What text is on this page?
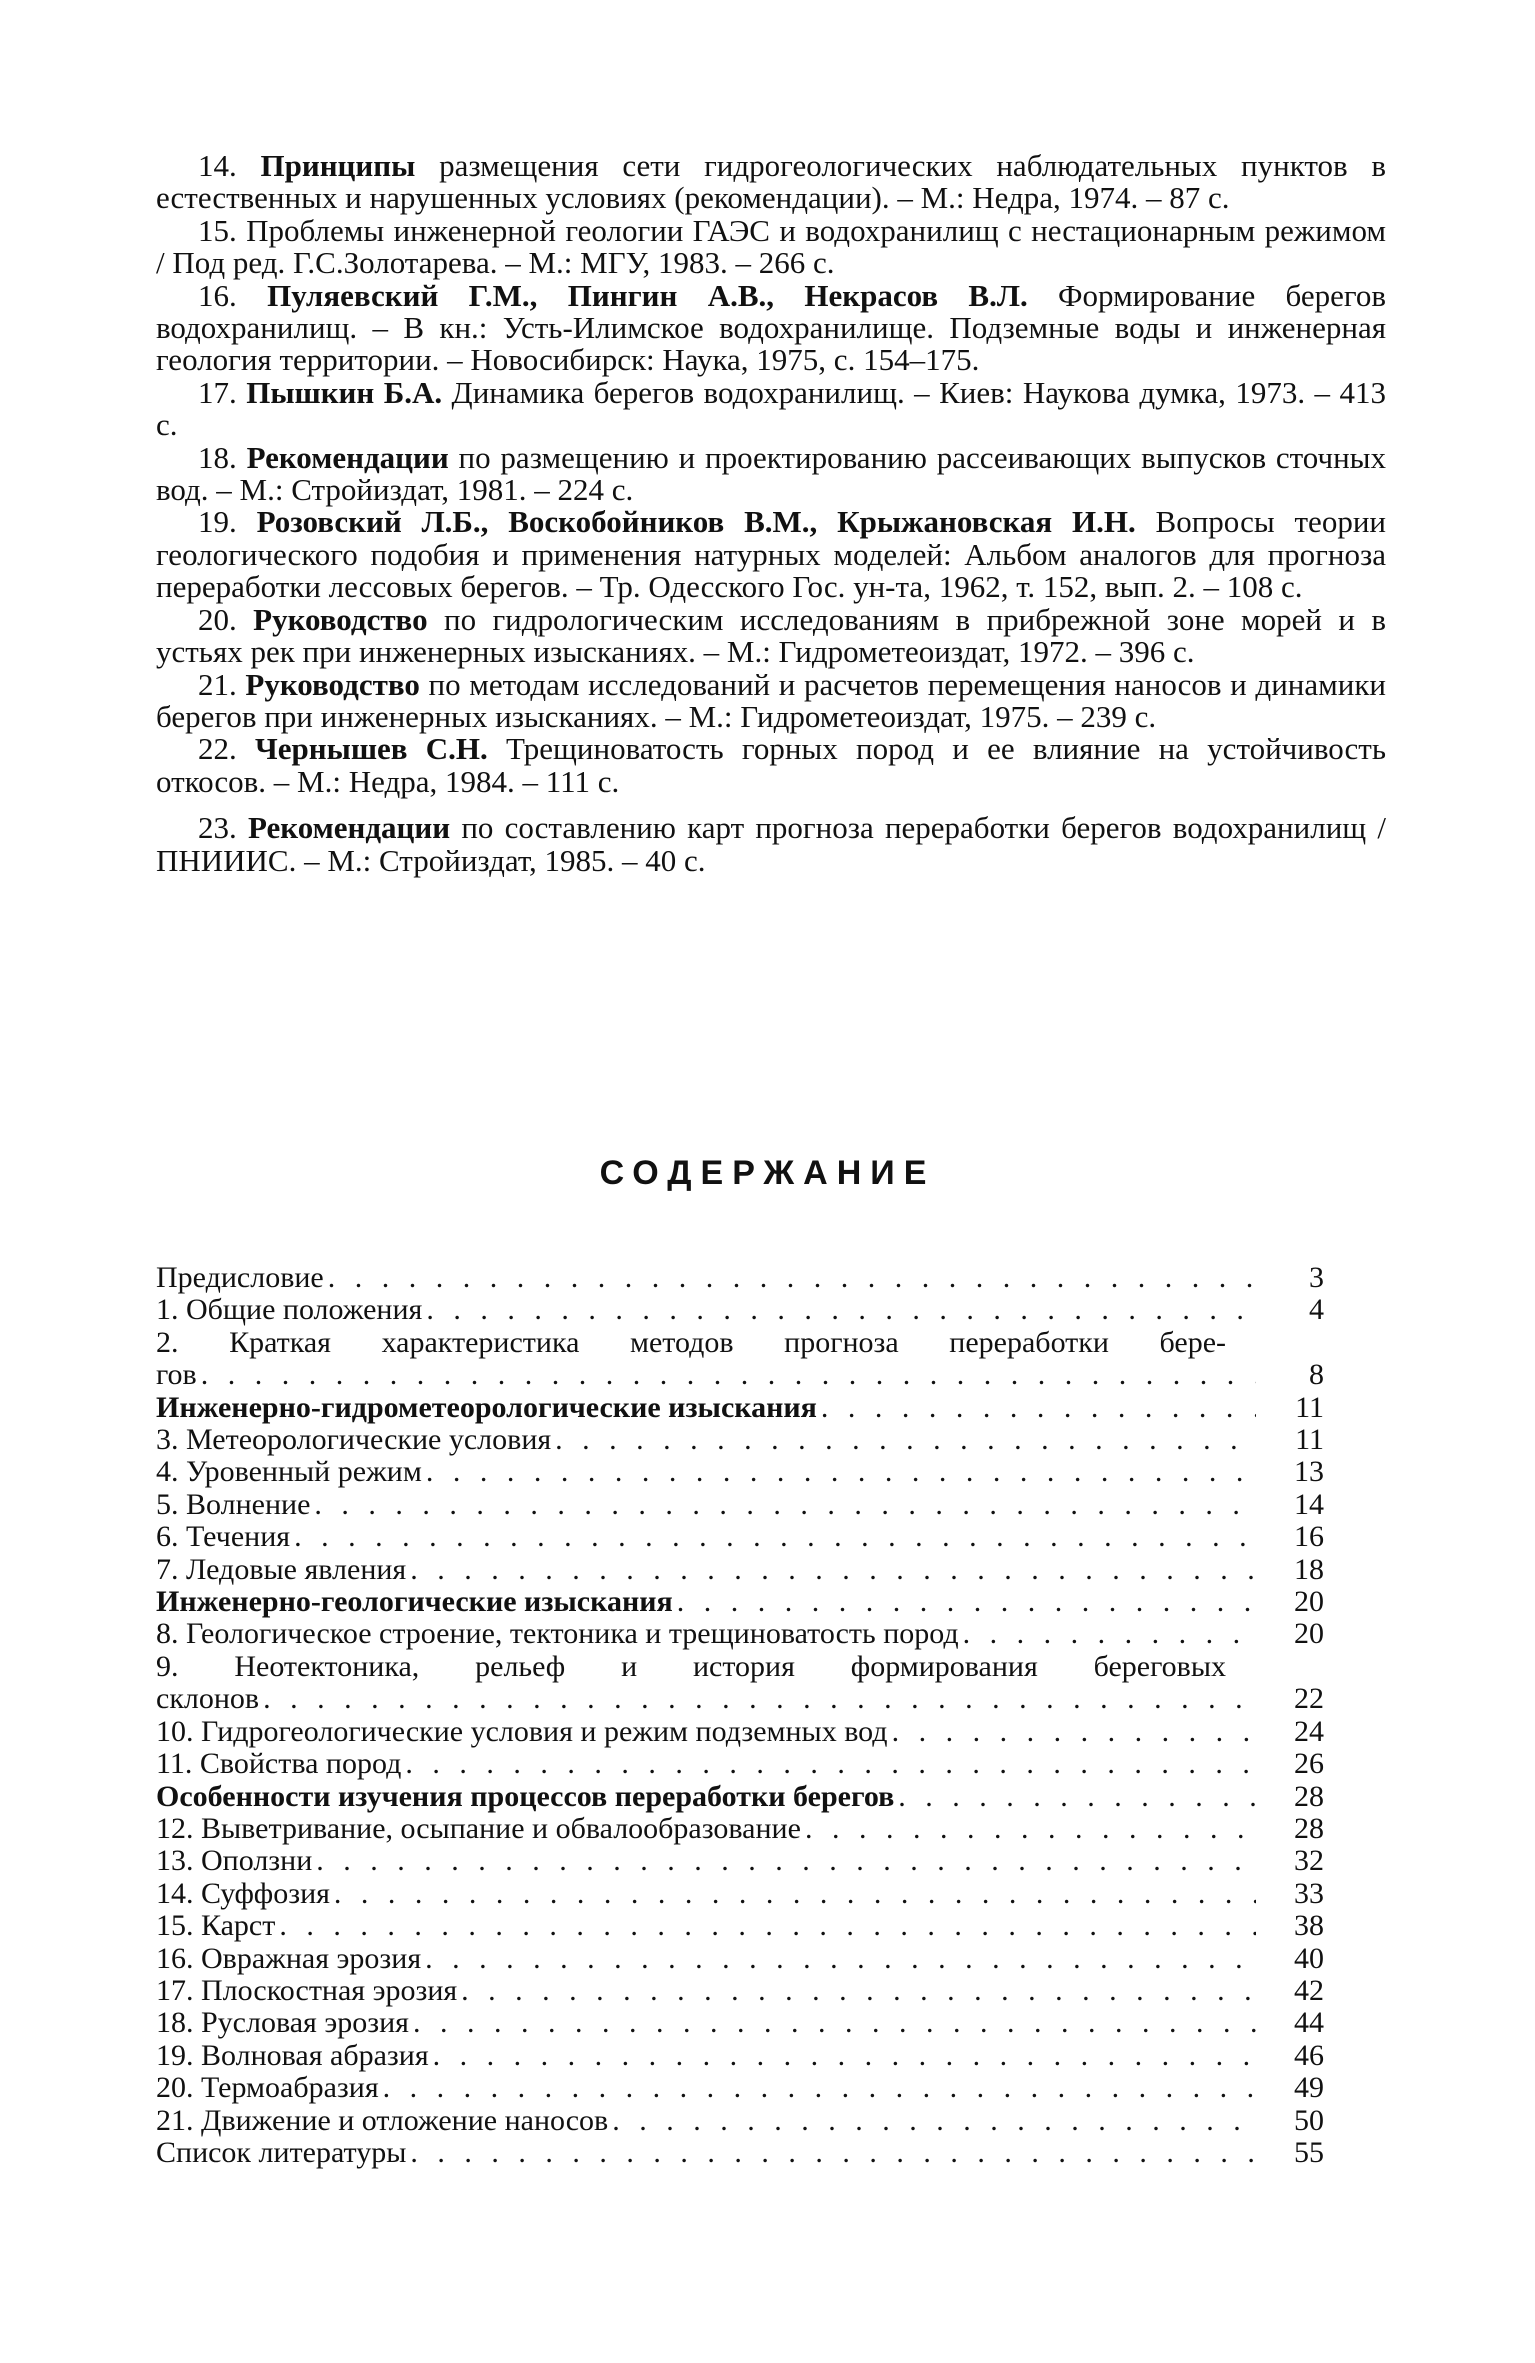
14. Принципы размещения сети гидрогеологических наблюдательных пунктов в естественных и нарушенных условиях (рекомендации). – М.: Недра, 1974. – 87 с.

15. Проблемы инженерной геологии ГАЭС и водохранилищ с нестационарным режимом / Под ред. Г.С.Золотарева. – М.: МГУ, 1983. – 266 с.

16. Пуляевский Г.М., Пингин А.В., Некрасов В.Л. Формирование берегов водохранилищ. – В кн.: Усть-Илимское водохранилище. Подземные воды и инженерная геология территории. – Новосибирск: Наука, 1975, с. 154–175.

17. Пышкин Б.А. Динамика берегов водохранилищ. – Киев: Наукова думка, 1973. – 413 с.

18. Рекомендации по размещению и проектированию рассеивающих выпусков сточных вод. – М.: Стройиздат, 1981. – 224 с.

19. Розовский Л.Б., Воскобойников В.М., Крыжановская И.Н. Вопросы теории геологического подобия и применения натурных моделей: Альбом аналогов для прогноза переработки лессовых берегов. – Тр. Одесского Гос. ун-та, 1962, т. 152, вып. 2. – 108 с.

20. Руководство по гидрологическим исследованиям в прибрежной зоне морей и в устьях рек при инженерных изысканиях. – М.: Гидрометеоиздат, 1972. – 396 с.

21. Руководство по методам исследований и расчетов перемещения наносов и динамики берегов при инженерных изысканиях. – М.: Гидрометеоиздат, 1975. – 239 с.

22. Чернышев С.Н. Трещиноватость горных пород и ее влияние на устойчивость откосов. – М.: Недра, 1984. – 111 с.

23. Рекомендации по составлению карт прогноза переработки берегов водохранилищ / ПНИИИС. – М.: Стройиздат, 1985. – 40 с.

СОДЕРЖАНИЕ
Предисловие . . .	3
1. Общие положения . . .	4
2. Краткая характеристика методов прогноза переработки бере-
гов . . .	8
Инженерно-гидрометеорологические изыскания . . .	11
3. Метеорологические условия . . .	11
4. Уровенный режим . . .	13
5. Волнение . . .	14
6. Течения . . .	16
7. Ледовые явления . . .	18
Инженерно-геологические изыскания . . .	20
8. Геологическое строение, тектоника и трещиноватость пород . . .	20
9. Неотектоника, рельеф и история формирования береговых
склонов . . .	22
10. Гидрогеологические условия и режим подземных вод . . .	24
11. Свойства пород . . .	26
Особенности изучения процессов переработки берегов . . .	28
12. Выветривание, осыпание и обвалообразование . . .	28
13. Оползни . . .	32
14. Суффозия . . .	33
15. Карст . . .	38
16. Овражная эрозия . . .	40
17. Плоскостная эрозия . . .	42
18. Русловая эрозия . . .	44
19. Волновая абразия . . .	46
20. Термоабразия . . .	49
21. Движение и отложение наносов . . .	50
Список литературы . . .	55
